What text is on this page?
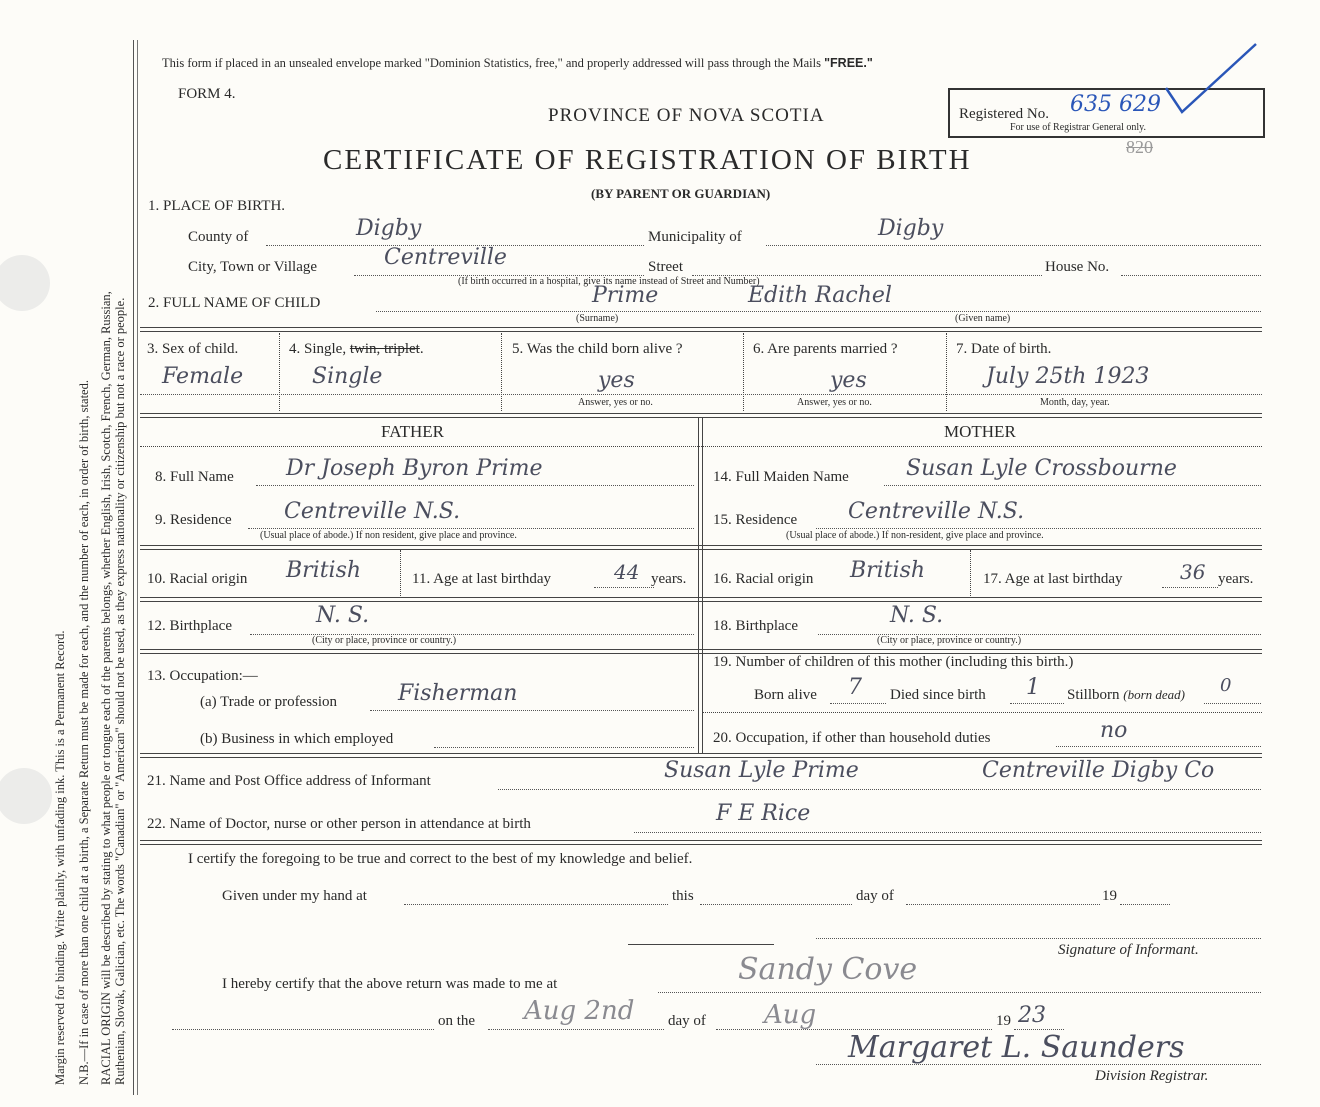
Margin reserved for binding. Write plainly, with unfading ink. This is a Permanent Record. N.B.—If in case of more than one child at a birth, a Separate Return must be made for each, and the number of each, in order of birth, stated. RACIAL ORIGIN will be described by stating to what people or tongue each of the parents belongs, whether English, Irish, Scotch, French, German, Russian, Ruthenian, Slovak, Galician, etc. The words "Canadian" or "American" should not be used, as they express nationality or citizenship but not a race or people.
This form if placed in an unsealed envelope marked "Dominion Statistics, free," and properly addressed will pass through the Mails "FREE."
FORM 4.
PROVINCE OF NOVA SCOTIA
CERTIFICATE OF REGISTRATION OF BIRTH
(BY PARENT OR GUARDIAN)
820
Registered No. 635 629
For use of Registrar General only.
1. PLACE OF BIRTH.
County of	Digby	Municipality of	Digby
City, Town or Village	Centreville	Street	House No.
(If birth occurred in a hospital, give its name instead of Street and Number)
2. FULL NAME OF CHILD	Prime	Edith Rachel
(Surname)	(Given name)
3. Sex of child.
Female
4. Single, twin, triplet.
Single
5. Was the child born alive ?
yes
Answer, yes or no.
6. Are parents married ?
yes
Answer, yes or no.
7. Date of birth.
July 25th 1923
Month, day, year.
FATHER	MOTHER
8. Full Name Dr Joseph Byron Prime
9. Residence Centreville N.S.
(Usual place of abode.) If non resident, give place and province.
14. Full Maiden Name	Susan Lyle Crossbourne
15. Residence Centreville N.S.
(Usual place of abode.) If non-resident, give place and province.
10. Racial origin British	11. Age at last birthday	44 years. 16. Racial origin British	17. Age at last birthday	36 years.
12. Birthplace	N. S.
(City or place, province or country.)
18. Birthplace	N. S.
(City or place, province or country.)
13. Occupation:—
(a) Trade or profession	Fisherman
(b) Business in which employed
19. Number of children of this mother (including this birth.)
Born alive 7 Died since birth 1 Stillborn (born dead) 0
20. Occupation, if other than household duties	no
21. Name and Post Office address of Informant	Susan Lyle Prime	Centreville Digby Co
22. Name of Doctor, nurse or other person in attendance at birth	F E Rice
I certify the foregoing to be true and correct to the best of my knowledge and belief.
Given under my hand at	this	day of	19
Signature of Informant.
I hereby certify that the above return was made to me at	Sandy Cove
on the Aug 2nd day of Aug	19 23
Margaret L. Saunders
Division Registrar.
